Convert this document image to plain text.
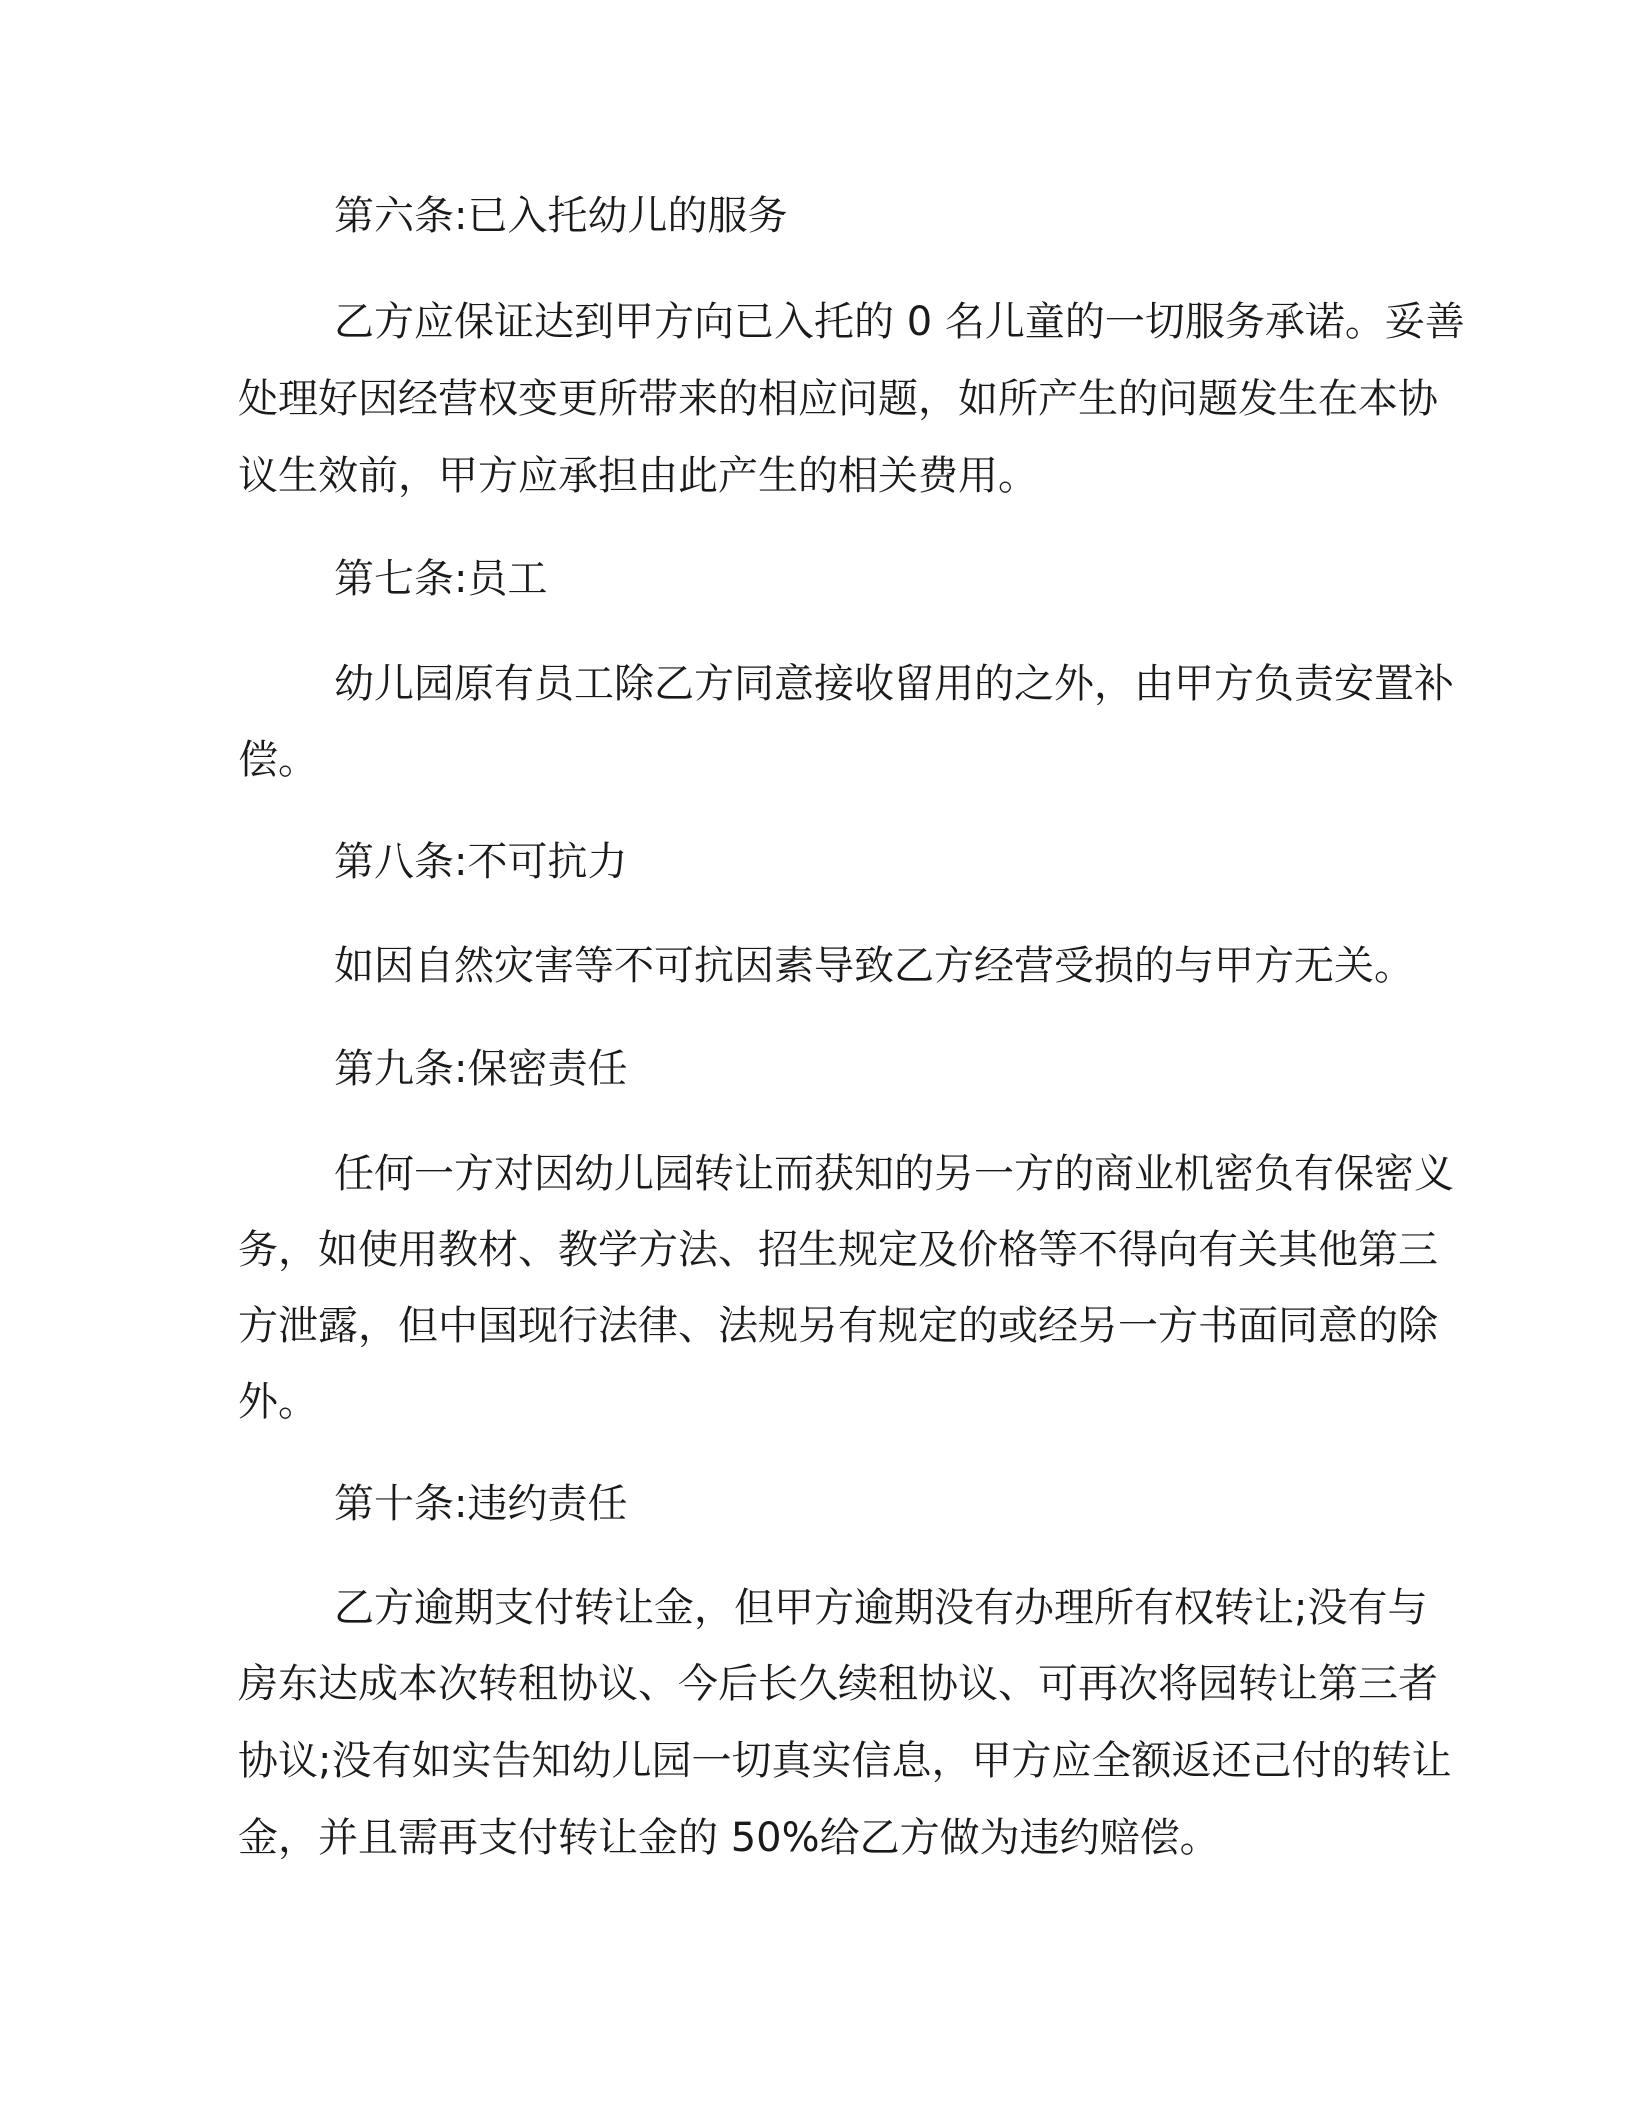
第六条:已入托幼儿的服务
乙方应保证达到甲方向已入托的 0 名儿童的一切服务承诺。妥善
处理好因经营权变更所带来的相应问题，如所产生的问题发生在本协
议生效前，甲方应承担由此产生的相关费用。
第七条:员工
幼儿园原有员工除乙方同意接收留用的之外，由甲方负责安置补
偿。
第八条:不可抗力
如因自然灾害等不可抗因素导致乙方经营受损的与甲方无关。
第九条:保密责任
任何一方对因幼儿园转让而获知的另一方的商业机密负有保密义
务，如使用教材、教学方法、招生规定及价格等不得向有关其他第三
方泄露，但中国现行法律、法规另有规定的或经另一方书面同意的除
外。
第十条:违约责任
乙方逾期支付转让金，但甲方逾期没有办理所有权转让;没有与
房东达成本次转租协议、今后长久续租协议、可再次将园转让第三者
协议;没有如实告知幼儿园一切真实信息，甲方应全额返还己付的转让
金，并且需再支付转让金的 50%给乙方做为违约赔偿。
